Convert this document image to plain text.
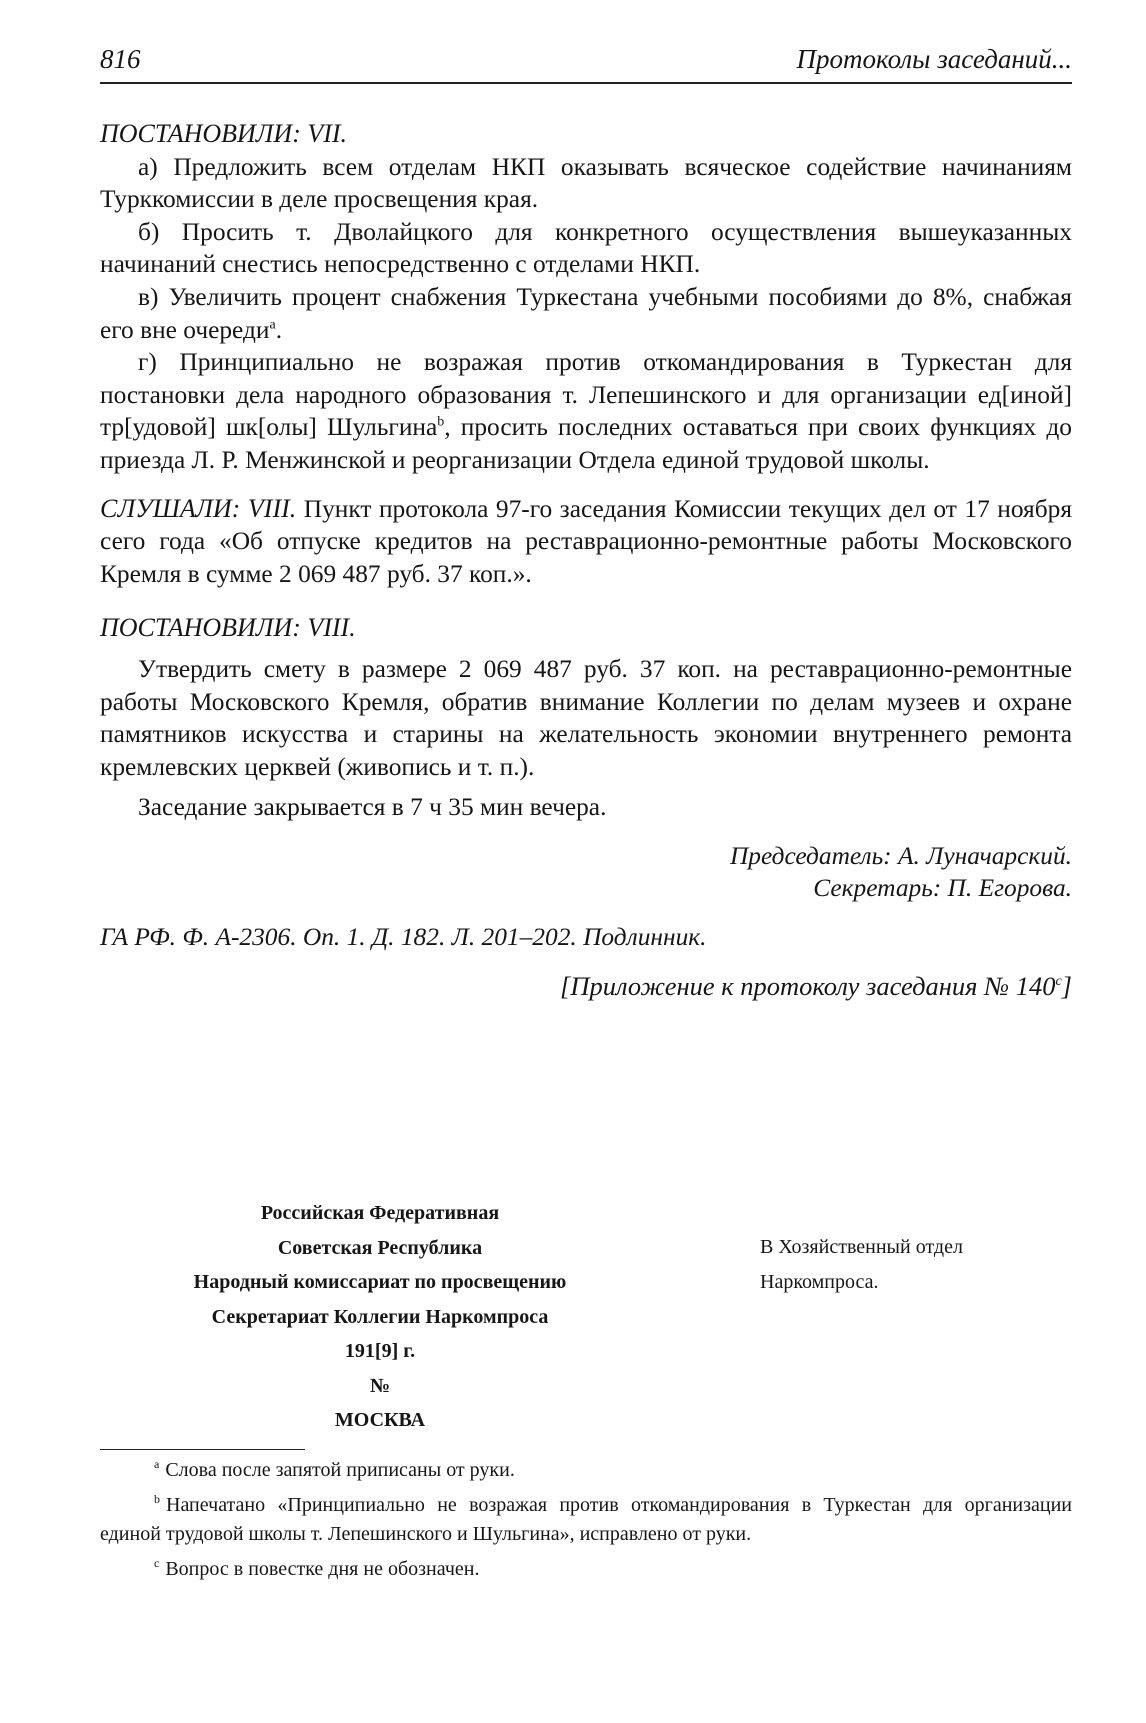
816	Протоколы заседаний...

ПОСТАНОВИЛИ: VII.

а) Предложить всем отделам НКП оказывать всяческое содействие начинаниям Турккомиссии в деле просвещения края.

б) Просить т. Дволайцкого для конкретного осуществления вышеуказанных начинаний снестись непосредственно с отделами НКП.

в) Увеличить процент снабжения Туркестана учебными пособиями до 8%, снабжая его вне очереди$^a$.

г) Принципиально не возражая против откомандирования в Туркестан для постановки дела народного образования т. Лепешинского и для организации ед[иной] тр[удовой] шк[олы] Шульгина$^b$, просить последних оставаться при своих функциях до приезда Л. Р. Менжинской и реорганизации Отдела единой трудовой школы.

СЛУШАЛИ: VIII. Пункт протокола 97-го заседания Комиссии текущих дел от 17 ноября сего года «Об отпуске кредитов на реставрационно-ремонтные работы Московского Кремля в сумме 2 069 487 руб. 37 коп.».

ПОСТАНОВИЛИ: VIII.

Утвердить смету в размере 2 069 487 руб. 37 коп. на реставрационно-ремонтные работы Московского Кремля, обратив внимание Коллегии по делам музеев и охране памятников искусства и старины на желательность экономии внутреннего ремонта кремлевских церквей (живопись и т. п.).

Заседание закрывается в 7 ч 35 мин вечера.

Председатель: А. Луначарский.

Секретарь: П. Егорова.

ГА РФ. Ф. А-2306. Оп. 1. Д. 182. Л. 201–202. Подлинник.

[Приложение к протоколу заседания № 140$^c$]

Российская Федеративная
Советская Республика
Народный комиссариат по просвещению
Секретариат Коллегии Наркомпроса
191[9] г.
№
МОСКВА
В Хозяйственный отдел
Наркомпроса.

$^a$ Слова после запятой приписаны от руки.

$^b$ Напечатано «Принципиально не возражая против откомандирования в Туркестан для организации единой трудовой школы т. Лепешинского и Шульгина», исправлено от руки.

$^c$ Вопрос в повестке дня не обозначен.
